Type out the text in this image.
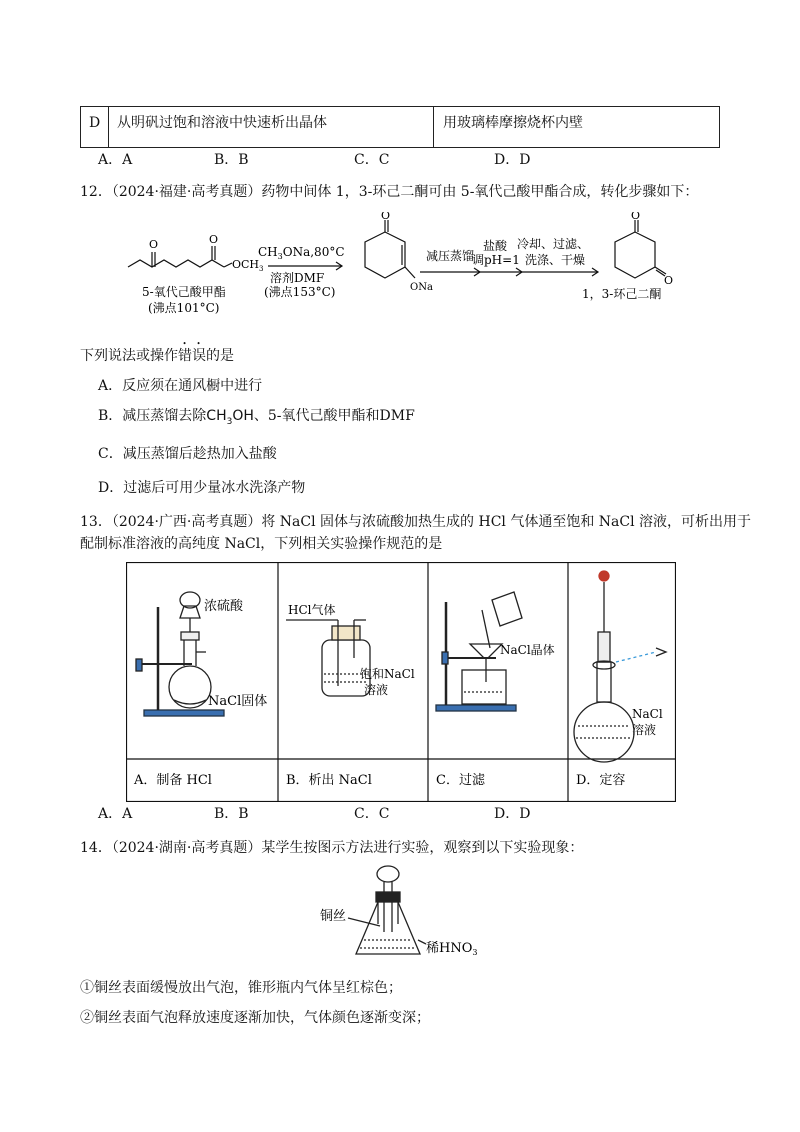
D 从明矾过饱和溶液中快速析出晶体	用玻璃棒摩擦烧杯内壁
A．A	B．B	C．C	D．D
12．（2024·福建·高考真题）药物中间体 1，3-环己二酮可由 5-氧代己酸甲酯合成，转化步骤如下：
O	O
$OCH_3$
5-氧代己酸甲酯
(沸点101°C)
$CH_3ONa,80^\circ C$
溶剂DMF
(沸点153°C)
O
ONa
减压蒸馏
盐酸
调pH=1
冷却、过滤、
洗涤、干燥
O
O
1，3-环己二酮
下列说法或操作错误的是
A．反应须在通风橱中进行
B．减压蒸馏去除$CH_3OH$、5-氧代己酸甲酯和DMF
C．减压蒸馏后趁热加入盐酸
D．过滤后可用少量冰水洗涤产物
13．（2024·广西·高考真题）将 NaCl 固体与浓硫酸加热生成的 HCl 气体通至饱和 NaCl 溶液，可析出用于
配制标准溶液的高纯度 NaCl，下列相关实验操作规范的是
浓硫酸
NaCl固体
HCl气体
饱和NaCl
溶液
NaCl晶体
NaCl
溶液
A．制备 HCl	B．析出 NaCl	C．过滤	D．定容
A．A	B．B	C．C	D．D
14．（2024·湖南·高考真题）某学生按图示方法进行实验，观察到以下实验现象：
铜丝
稀$HNO_3$
①铜丝表面缓慢放出气泡，锥形瓶内气体呈红棕色；
②铜丝表面气泡释放速度逐渐加快，气体颜色逐渐变深；
